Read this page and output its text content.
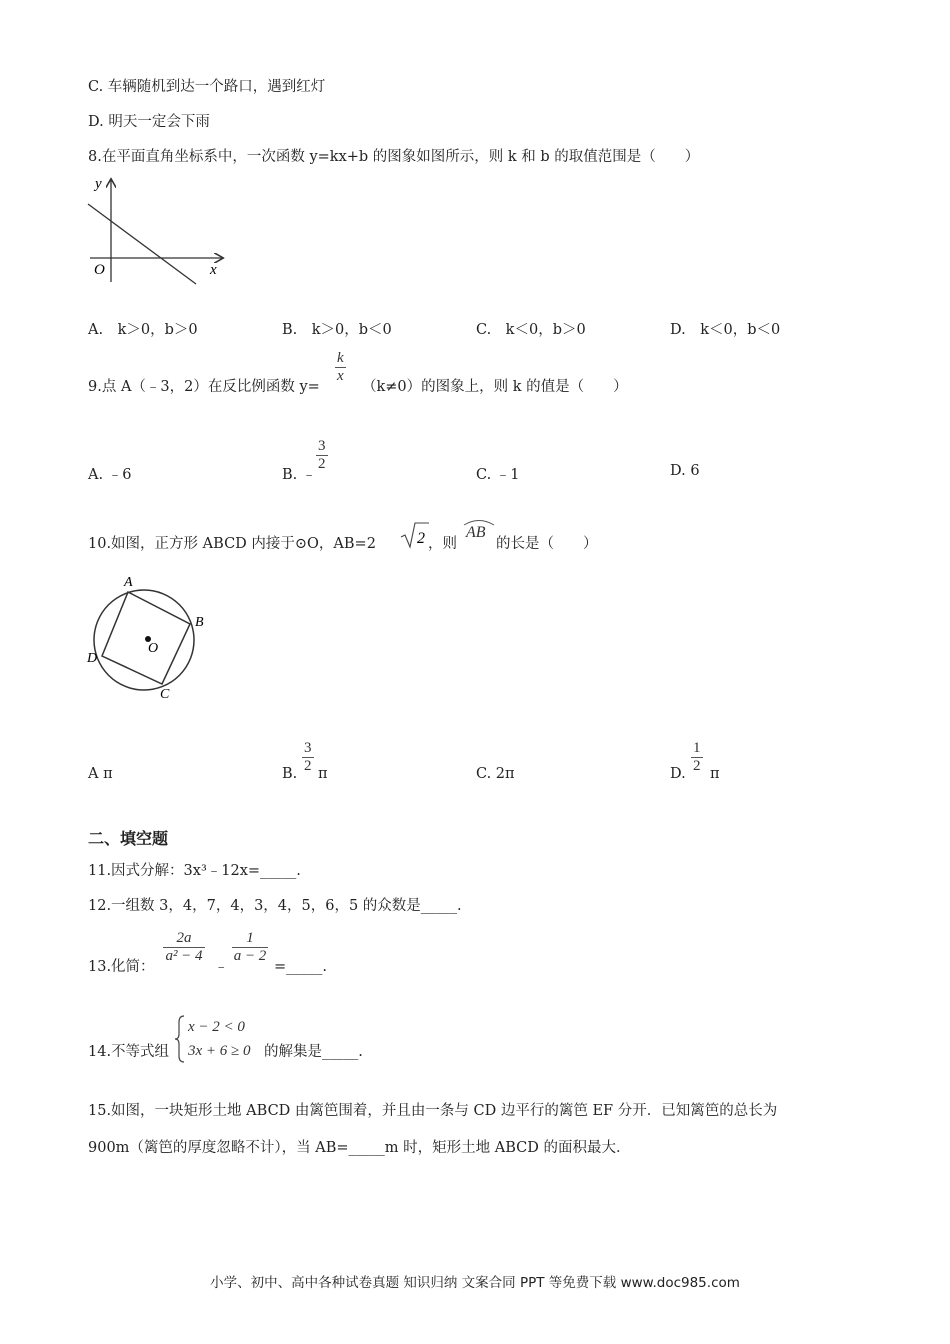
C. 车辆随机到达一个路口，遇到红灯
D. 明天一定会下雨
8.在平面直角坐标系中，一次函数 y=kx+b 的图象如图所示，则 k 和 b 的取值范围是（　　）
y
x
O
A.　k＞0，b＞0	B.　k＞0，b＜0	C.　k＜0，b＞0	D.　k＜0，b＜0
9.点 A（﹣3，2）在反比例函数 y=
$\frac{k}{x}$
（k≠0）的图象上，则 k 的值是（　　）
A. ﹣6	B. ﹣
$\frac{3}{2}$
C. ﹣1	D. 6
10.如图，正方形 ABCD 内接于⊙O，AB=2	2 ，则
AB
的长是（　　）
A
B
C
D
O
A π	B. $\frac{3}{2}$ π	C. 2π	D. $\frac{1}{2}$ π
二、填空题
11.因式分解：3x³﹣12x=_____.
12.一组数 3，4，7，4，3，4，5，6，5 的众数是_____.
13.化简：
$\frac{2a}{\text{a² − 4}}$
﹣
$\frac{1}{a - 2}$
=_____.
14.不等式组
x − 2 < 0
3x + 6 ≥ 0 的解集是_____.
15.如图，一块矩形土地 ABCD 由篱笆围着，并且由一条与 CD 边平行的篱笆 EF 分开．已知篱笆的总长为
900m（篱笆的厚度忽略不计），当 AB=_____m 时，矩形土地 ABCD 的面积最大．
小学、初中、高中各种试卷真题 知识归纳 文案合同 PPT 等免费下载 www.doc985.com
